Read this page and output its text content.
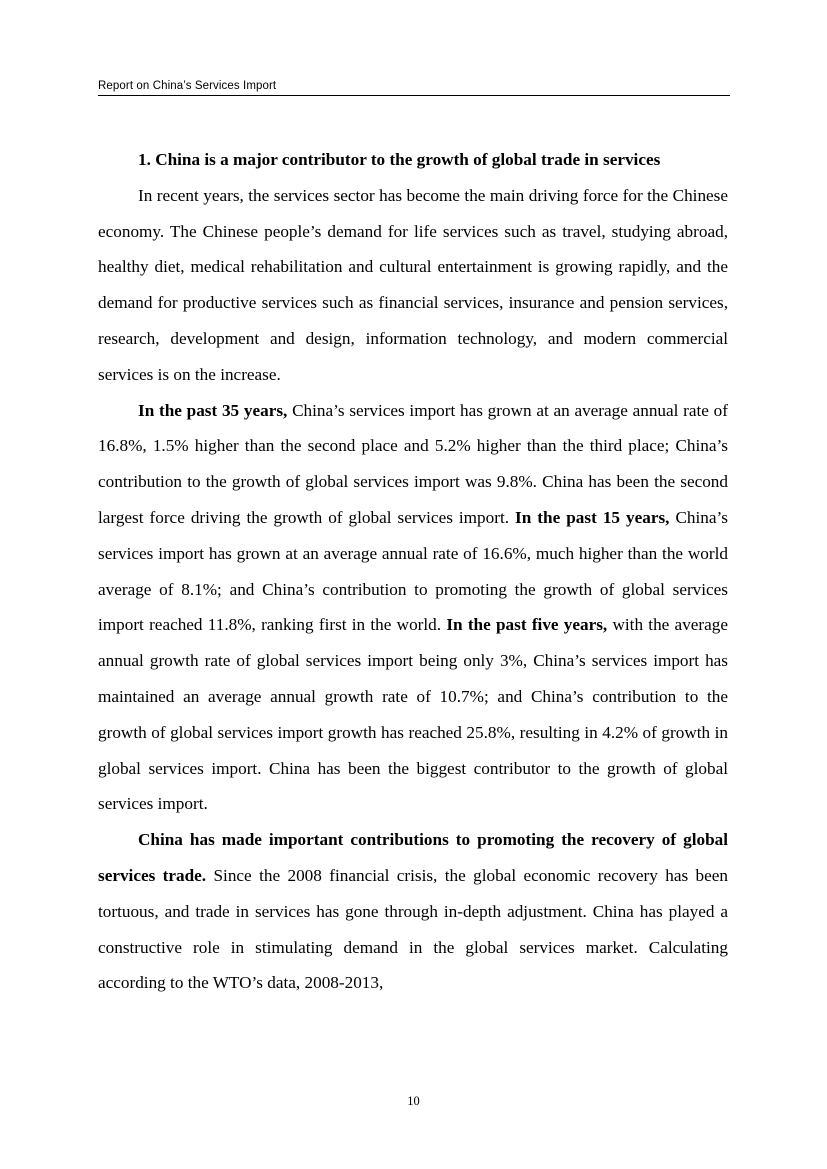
Report on China’s Services Import

1. China is a major contributor to the growth of global trade in services

In recent years, the services sector has become the main driving force for the Chinese economy. The Chinese people’s demand for life services such as travel, studying abroad, healthy diet, medical rehabilitation and cultural entertainment is growing rapidly, and the demand for productive services such as financial services, insurance and pension services, research, development and design, information technology, and modern commercial services is on the increase.

In the past 35 years, China’s services import has grown at an average annual rate of 16.8%, 1.5% higher than the second place and 5.2% higher than the third place; China’s contribution to the growth of global services import was 9.8%. China has been the second largest force driving the growth of global services import. In the past 15 years, China’s services import has grown at an average annual rate of 16.6%, much higher than the world average of 8.1%; and China’s contribution to promoting the growth of global services import reached 11.8%, ranking first in the world. In the past five years, with the average annual growth rate of global services import being only 3%, China’s services import has maintained an average annual growth rate of 10.7%; and China’s contribution to the growth of global services import growth has reached 25.8%, resulting in 4.2% of growth in global services import. China has been the biggest contributor to the growth of global services import.

China has made important contributions to promoting the recovery of global services trade. Since the 2008 financial crisis, the global economic recovery has been tortuous, and trade in services has gone through in-depth adjustment. China has played a constructive role in stimulating demand in the global services market. Calculating according to the WTO’s data, 2008-2013,

10
